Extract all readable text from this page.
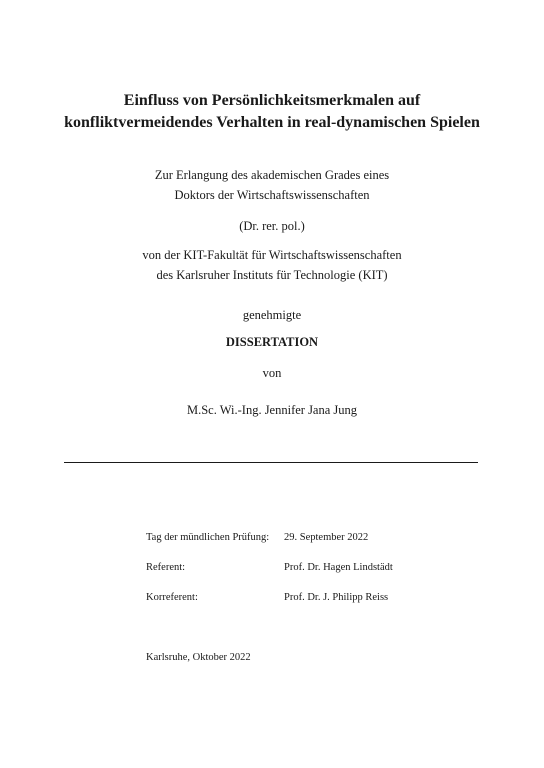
Einfluss von Persönlichkeitsmerkmalen auf
konfliktvermeidendes Verhalten in real-dynamischen Spielen
Zur Erlangung des akademischen Grades eines
Doktors der Wirtschaftswissenschaften
(Dr. rer. pol.)
von der KIT-Fakultät für Wirtschaftswissenschaften
des Karlsruher Instituts für Technologie (KIT)
genehmigte
DISSERTATION
von
M.Sc. Wi.-Ing. Jennifer Jana Jung
Tag der mündlichen Prüfung: 29. September 2022
Referent:	Prof. Dr. Hagen Lindstädt
Korreferent:	Prof. Dr. J. Philipp Reiss
Karlsruhe, Oktober 2022
